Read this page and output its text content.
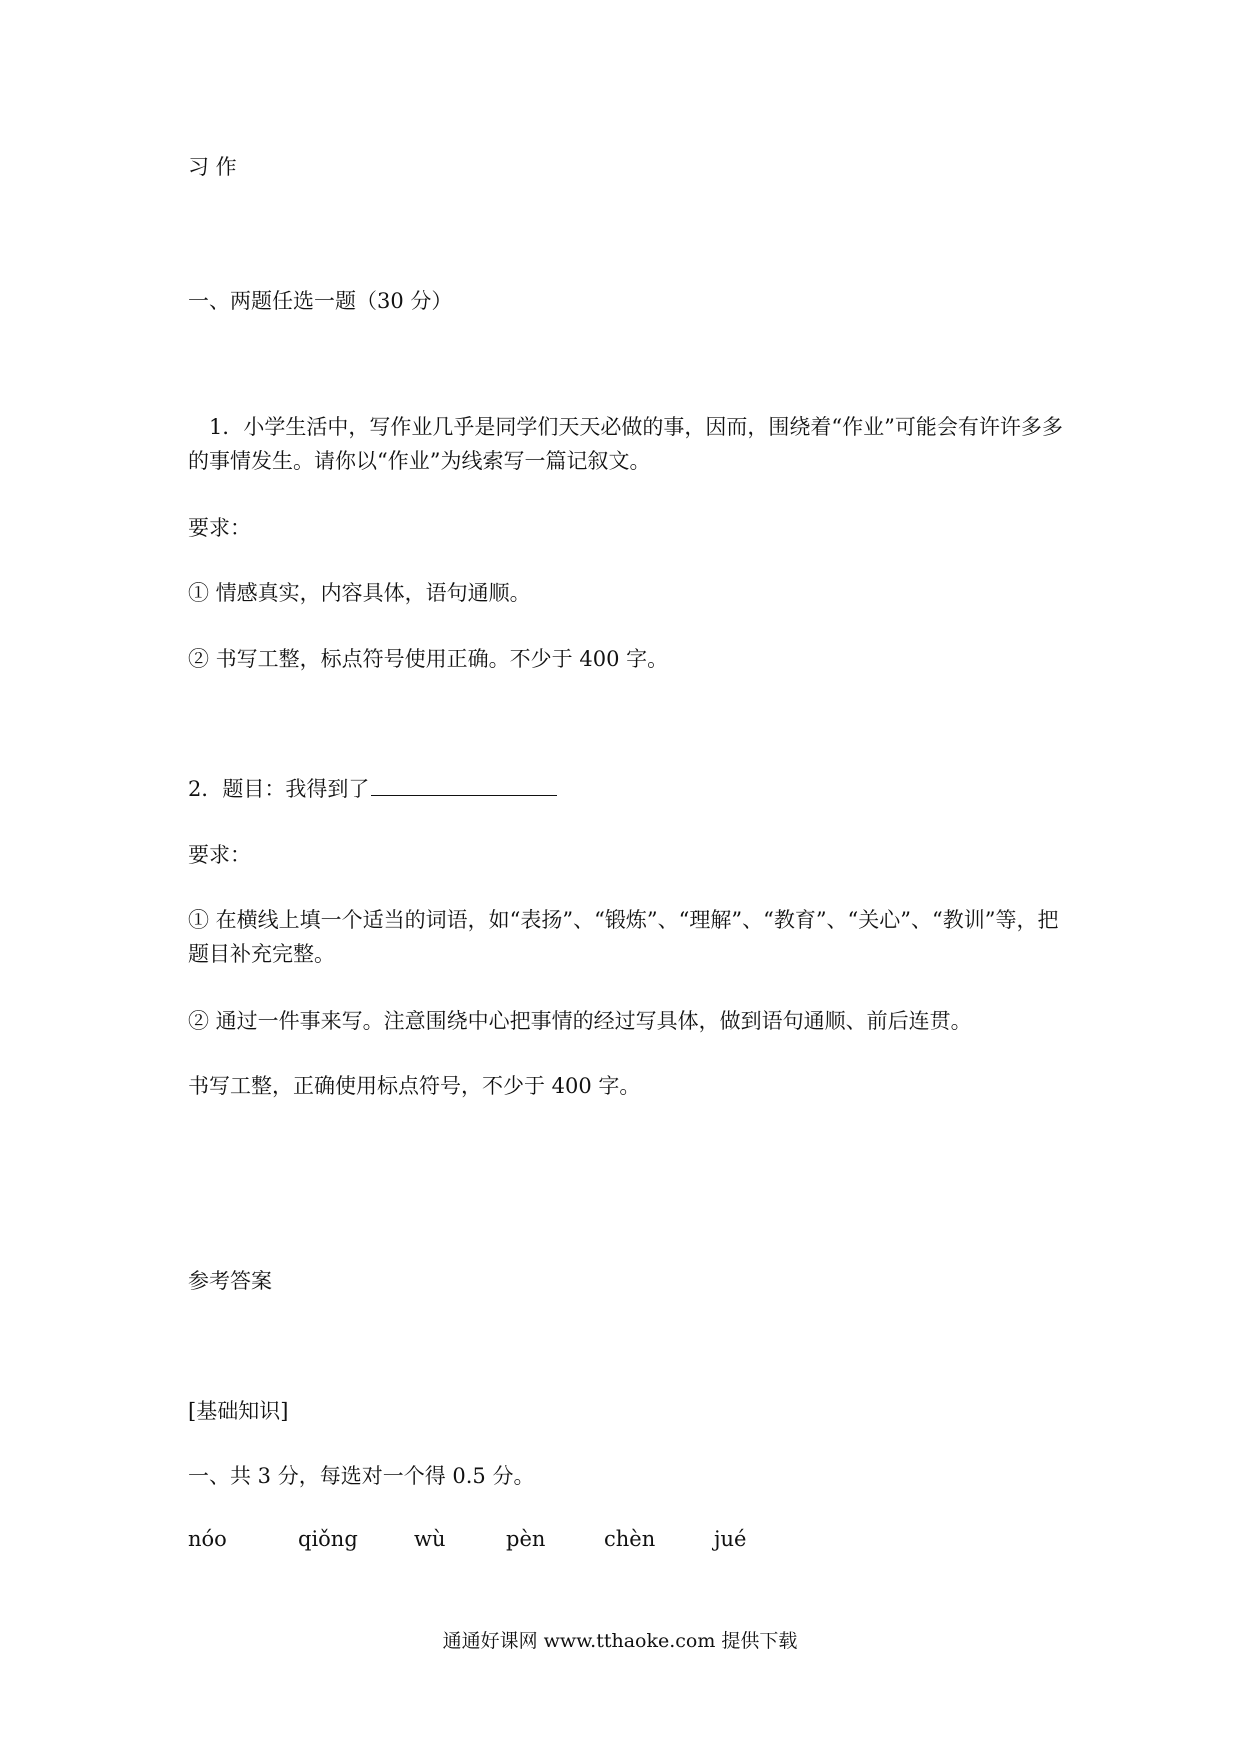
习 作
一、两题任选一题（30 分）
1．小学生活中，写作业几乎是同学们天天必做的事，因而，围绕着“作业”可能会有许许多多的事情发生。请你以“作业”为线索写一篇记叙文。
要求：
① 情感真实，内容具体，语句通顺。
② 书写工整，标点符号使用正确。不少于 400 字。
2．题目：我得到了
要求：
① 在横线上填一个适当的词语，如“表扬”、“锻炼”、“理解”、“教育”、“关心”、“教训”等，把题目补充完整。
② 通过一件事来写。注意围绕中心把事情的经过写具体，做到语句通顺、前后连贯。
书写工整，正确使用标点符号，不少于 400 字。
参考答案
[基础知识]
一、共 3 分，每选对一个得 0.5 分。
nóo	qiǒng	wù	pèn	chèn	jué
通通好课网 www.tthaoke.com 提供下载
